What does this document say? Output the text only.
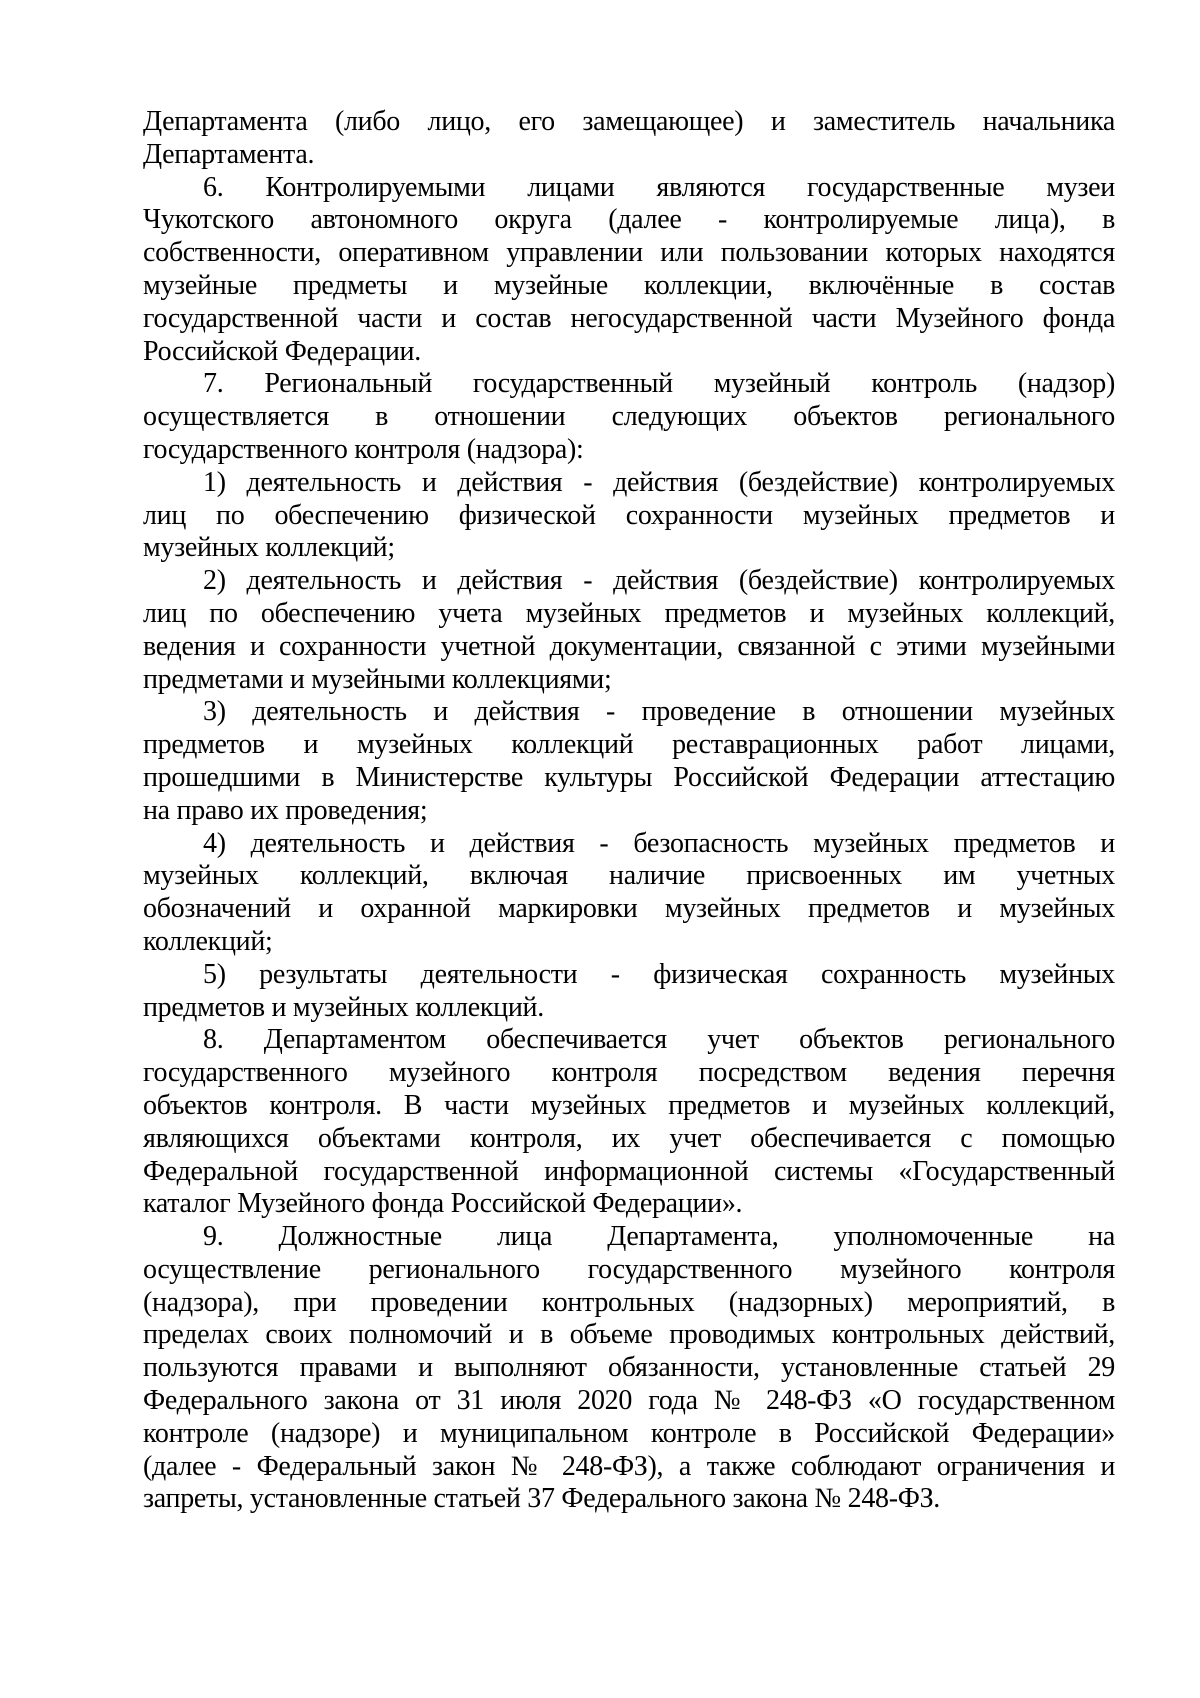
Департамента (либо лицо, его замещающее) и заместитель начальника
Департамента.
6. Контролируемыми лицами являются государственные музеи
Чукотского автономного округа (далее - контролируемые лица), в
собственности, оперативном управлении или пользовании которых находятся
музейные предметы и музейные коллекции, включённые в состав
государственной части и состав негосударственной части Музейного фонда
Российской Федерации.
7. Региональный государственный музейный контроль (надзор)
осуществляется в отношении следующих объектов регионального
государственного контроля (надзора):
1) деятельность и действия - действия (бездействие) контролируемых
лиц по обеспечению физической сохранности музейных предметов и
музейных коллекций;
2) деятельность и действия - действия (бездействие) контролируемых
лиц по обеспечению учета музейных предметов и музейных коллекций,
ведения и сохранности учетной документации, связанной с этими музейными
предметами и музейными коллекциями;
3) деятельность и действия - проведение в отношении музейных
предметов и музейных коллекций реставрационных работ лицами,
прошедшими в Министерстве культуры Российской Федерации аттестацию
на право их проведения;
4) деятельность и действия - безопасность музейных предметов и
музейных коллекций, включая наличие присвоенных им учетных
обозначений и охранной маркировки музейных предметов и музейных
коллекций;
5) результаты деятельности - физическая сохранность музейных
предметов и музейных коллекций.
8. Департаментом обеспечивается учет объектов регионального
государственного музейного контроля посредством ведения перечня
объектов контроля. В части музейных предметов и музейных коллекций,
являющихся объектами контроля, их учет обеспечивается с помощью
Федеральной государственной информационной системы «Государственный
каталог Музейного фонда Российской Федерации».
9. Должностные лица Департамента, уполномоченные на
осуществление регионального государственного музейного контроля
(надзора), при проведении контрольных (надзорных) мероприятий, в
пределах своих полномочий и в объеме проводимых контрольных действий,
пользуются правами и выполняют обязанности, установленные статьей 29
Федерального закона от 31 июля 2020 года № 248-ФЗ «О государственном
контроле (надзоре) и муниципальном контроле в Российской Федерации»
(далее - Федеральный закон № 248-ФЗ), а также соблюдают ограничения и
запреты, установленные статьей 37 Федерального закона № 248-ФЗ.
